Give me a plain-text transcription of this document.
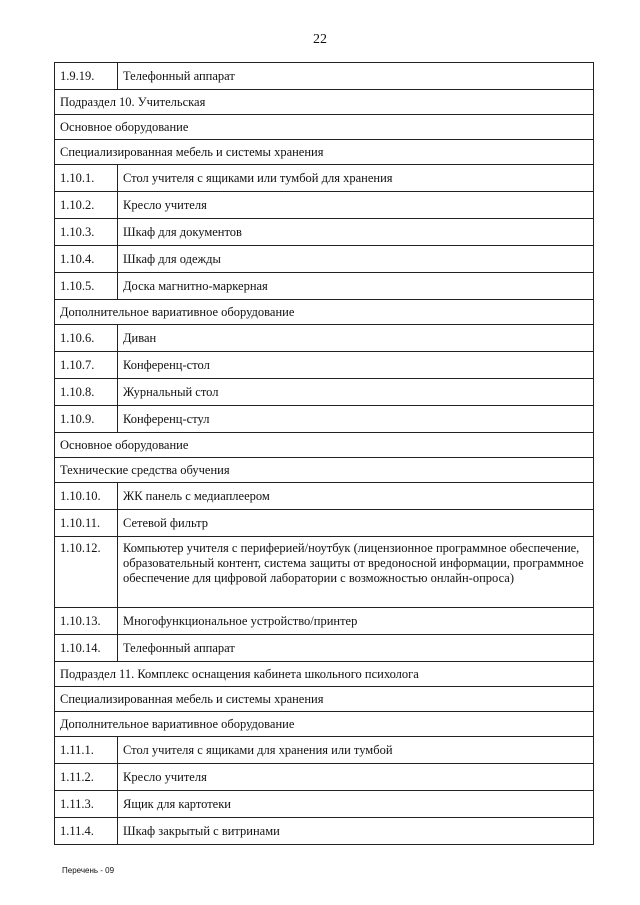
22
1.9.19.	Телефонный аппарат
Подраздел 10. Учительская	
Основное оборудование	
Специализированная мебель и системы хранения	
1.10.1.	Стол учителя с ящиками или тумбой для хранения
1.10.2.	Кресло учителя
1.10.3.	Шкаф для документов
1.10.4.	Шкаф для одежды
1.10.5.	Доска магнитно-маркерная
Дополнительное вариативное оборудование	
1.10.6.	Диван
1.10.7.	Конференц-стол
1.10.8.	Журнальный стол
1.10.9.	Конференц-стул
Основное оборудование	
Технические средства обучения	
1.10.10.	ЖК панель с медиаплеером
1.10.11.	Сетевой фильтр
1.10.12.	Компьютер учителя с периферией/ноутбук (лицензионное программное обеспечение, образовательный контент, система защиты от вредоносной информации, программное обеспечение для цифровой лаборатории с возможностью онлайн-опроса)
1.10.13.	Многофункциональное устройство/принтер
1.10.14.	Телефонный аппарат
Подраздел 11. Комплекс оснащения кабинета школьного психолога	
Специализированная мебель и системы хранения	
Дополнительное вариативное оборудование	
1.11.1.	Стол учителя с ящиками для хранения или тумбой
1.11.2.	Кресло учителя
1.11.3.	Ящик для картотеки
1.11.4.	Шкаф закрытый с витринами
Перечень - 09
